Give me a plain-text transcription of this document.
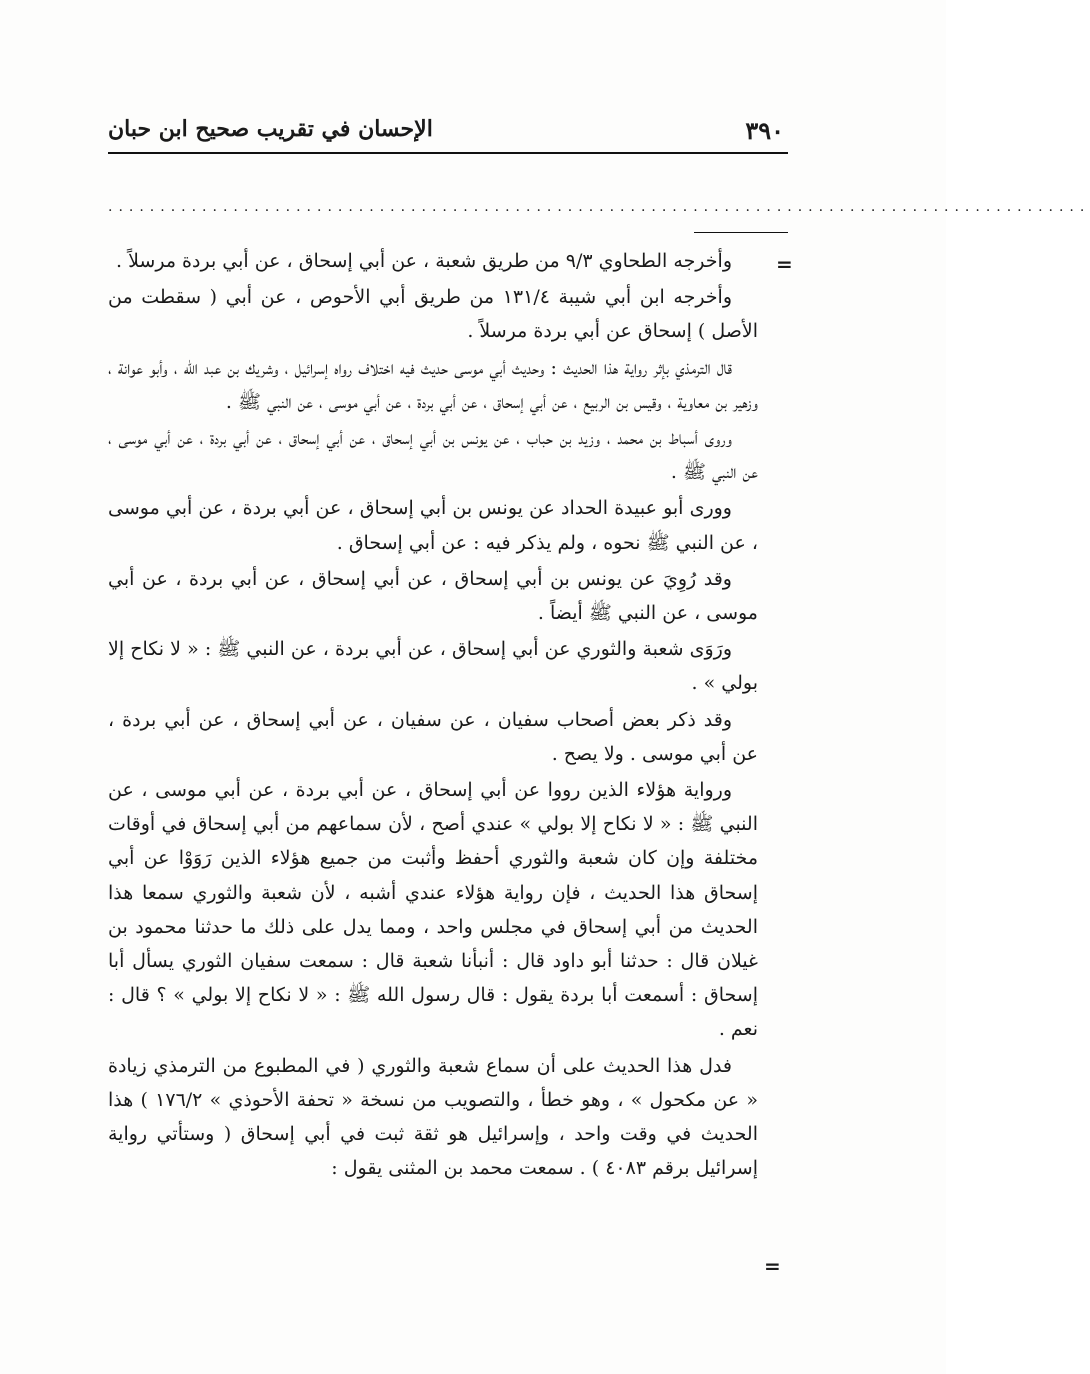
٣٩٠
الإحسان في تقريب صحيح ابن حبان
..............................................................................................
=

وأخرجه الطحاوي ٩/٣ من طريق شعبة ، عن أبي إسحاق ، عن أبي بردة مرسلاً .

وأخرجه ابن أبي شيبة ١٣١/٤ من طريق أبي الأحوص ، عن أبي ( سقطت من الأصل ) إسحاق عن أبي بردة مرسلاً .

قال الترمذي بإثر رواية هذا الحديث : وحديث أبي موسى حديث فيه اختلاف رواه إسرائيل ، وشريك بن عبد الله ، وأبو عوانة ، وزهير بن معاوية ، وقيس بن الربيع ، عن أبي إسحاق ، عن أبي بردة ، عن أبي موسى ، عن النبي ﷺ .

وروى أسباط بن محمد ، وزيد بن حباب ، عن يونس بن أبي إسحاق ، عن أبي إسحاق ، عن أبي بردة ، عن أبي موسى ، عن النبي ﷺ .

وورى أبو عبيدة الحداد عن يونس بن أبي إسحاق ، عن أبي بردة ، عن أبي موسى ، عن النبي ﷺ نحوه ، ولم يذكر فيه : عن أبي إسحاق .

وقد رُوِيَ عن يونس بن أبي إسحاق ، عن أبي إسحاق ، عن أبي بردة ، عن أبي موسى ، عن النبي ﷺ أيضاً .

ورَوَى شعبة والثوري عن أبي إسحاق ، عن أبي بردة ، عن النبي ﷺ : « لا نكاح إلا بولي » .

وقد ذكر بعض أصحاب سفيان ، عن سفيان ، عن أبي إسحاق ، عن أبي بردة ، عن أبي موسى . ولا يصح .

ورواية هؤلاء الذين رووا عن أبي إسحاق ، عن أبي بردة ، عن أبي موسى ، عن النبي ﷺ : « لا نكاح إلا بولي » عندي أصح ، لأن سماعهم من أبي إسحاق في أوقات مختلفة وإن كان شعبة والثوري أحفظ وأثبت من جميع هؤلاء الذين رَوَوْا عن أبي إسحاق هذا الحديث ، فإن رواية هؤلاء عندي أشبه ، لأن شعبة والثوري سمعا هذا الحديث من أبي إسحاق في مجلس واحد ، ومما يدل على ذلك ما حدثنا محمود بن غيلان قال : حدثنا أبو داود قال : أنبأنا شعبة قال : سمعت سفيان الثوري يسأل أبا إسحاق : أسمعت أبا بردة يقول : قال رسول الله ﷺ : « لا نكاح إلا بولي » ؟ قال : نعم .

فدل هذا الحديث على أن سماع شعبة والثوري ( في المطبوع من الترمذي زيادة « عن مكحول » ، وهو خطأ ، والتصويب من نسخة « تحفة الأحوذي » ١٧٦/٢ ) هذا الحديث في وقت واحد ، وإسرائيل هو ثقة ثبت في أبي إسحاق ( وستأتي رواية إسرائيل برقم ٤٠٨٣ ) . سمعت محمد بن المثنى يقول :

=
